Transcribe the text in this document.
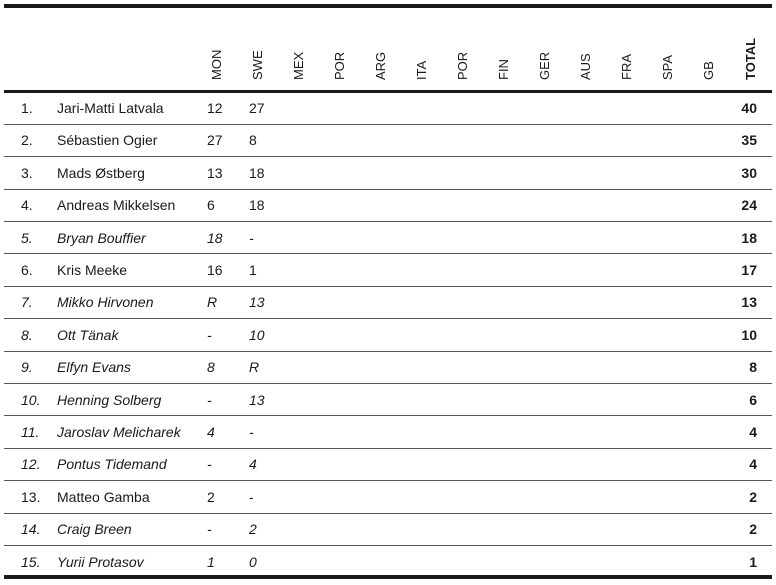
MON SWE MEX POR ARG ITA POR FIN GER AUS FRA SPA GB TOTAL
1. Jari-Matti Latvala	12 27	40
2. Sébastien Ogier	27 8	35
3. Mads Østberg	13 18	30
4. Andreas Mikkelsen 6 18	24
5. Bryan Bouffier	18 -	18
6. Kris Meeke	16 1	17
7. Mikko Hirvonen	R 13	13
8. Ott Tänak	-	10	10
9. Elfyn Evans	8 R	8
10. Henning Solberg	-	13	6
11. Jaroslav Melicharek 4 -	4
12. Pontus Tidemand	-	4	4
13. Matteo Gamba	2 -	2
14. Craig Breen	-	2	2
15. Yurii Protasov	1 0	1
